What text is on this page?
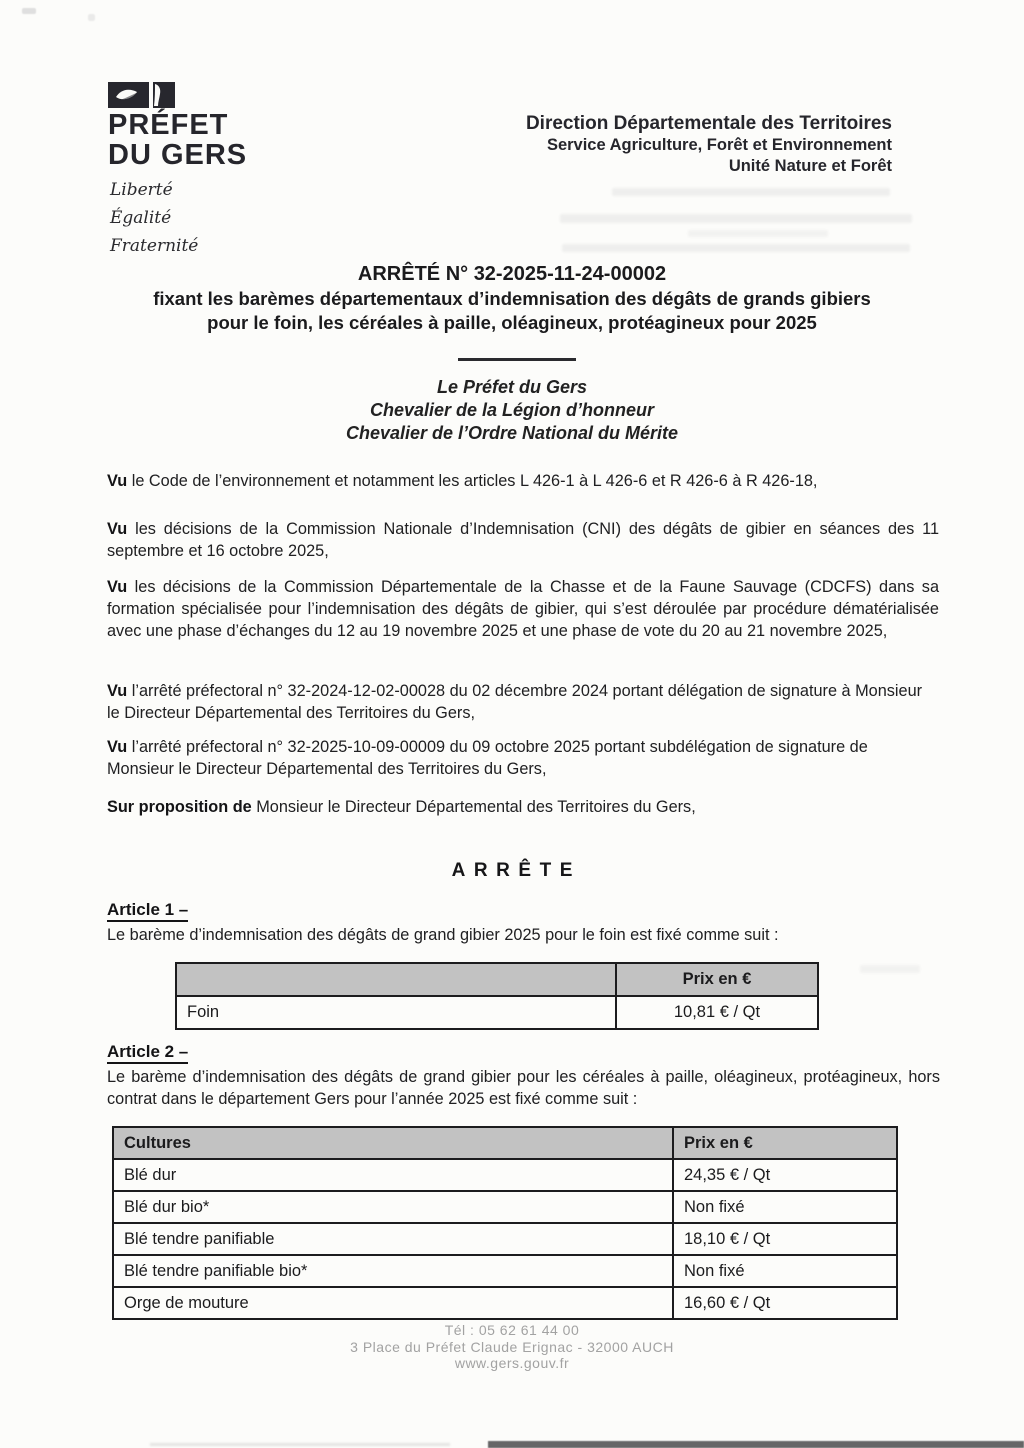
PRÉFET
DU GERS
Liberté
Égalité
Fraternité
Direction Départementale des Territoires
Service Agriculture, Forêt et Environnement
Unité Nature et Forêt
ARRÊTÉ N° 32-2025-11-24-00002
fixant les barèmes départementaux d’indemnisation des dégâts de grands gibiers
pour le foin, les céréales à paille, oléagineux, protéagineux pour 2025
Le Préfet du Gers
Chevalier de la Légion d’honneur
Chevalier de l’Ordre National du Mérite

Vu le Code de l’environnement et notamment les articles L 426-1 à L 426-6 et R 426-6 à R 426-18,

Vu les décisions de la Commission Nationale d’Indemnisation (CNI) des dégâts de gibier en séances des 11 septembre et 16 octobre 2025,

Vu les décisions de la Commission Départementale de la Chasse et de la Faune Sauvage (CDCFS) dans sa formation spécialisée pour l’indemnisation des dégâts de gibier, qui s’est déroulée par procédure dématérialisée avec une phase d’échanges du 12 au 19 novembre 2025 et une phase de vote du 20 au 21 novembre 2025,

Vu l’arrêté préfectoral n° 32-2024-12-02-00028 du 02 décembre 2024 portant délégation de signature à Monsieur le Directeur Départemental des Territoires du Gers,

Vu l’arrêté préfectoral n° 32-2025-10-09-00009 du 09 octobre 2025 portant subdélégation de signature de Monsieur le Directeur Départemental des Territoires du Gers,

Sur proposition de Monsieur le Directeur Départemental des Territoires du Gers,

ARRÊTE
Article 1 –
Le barème d’indemnisation des dégâts de grand gibier 2025 pour le foin est fixé comme suit :
	Prix en €
Foin	10,81 € / Qt
Article 2 –
Le barème d’indemnisation des dégâts de grand gibier pour les céréales à paille, oléagineux, protéagineux, hors contrat dans le département Gers pour l’année 2025 est fixé comme suit :
Cultures	Prix en €
Blé dur	24,35 € / Qt
Blé dur bio*	Non fixé
Blé tendre panifiable	18,10 € / Qt
Blé tendre panifiable bio*	Non fixé
Orge de mouture	16,60 € / Qt
Tél : 05 62 61 44 00
3 Place du Préfet Claude Erignac - 32000 AUCH
www.gers.gouv.fr
